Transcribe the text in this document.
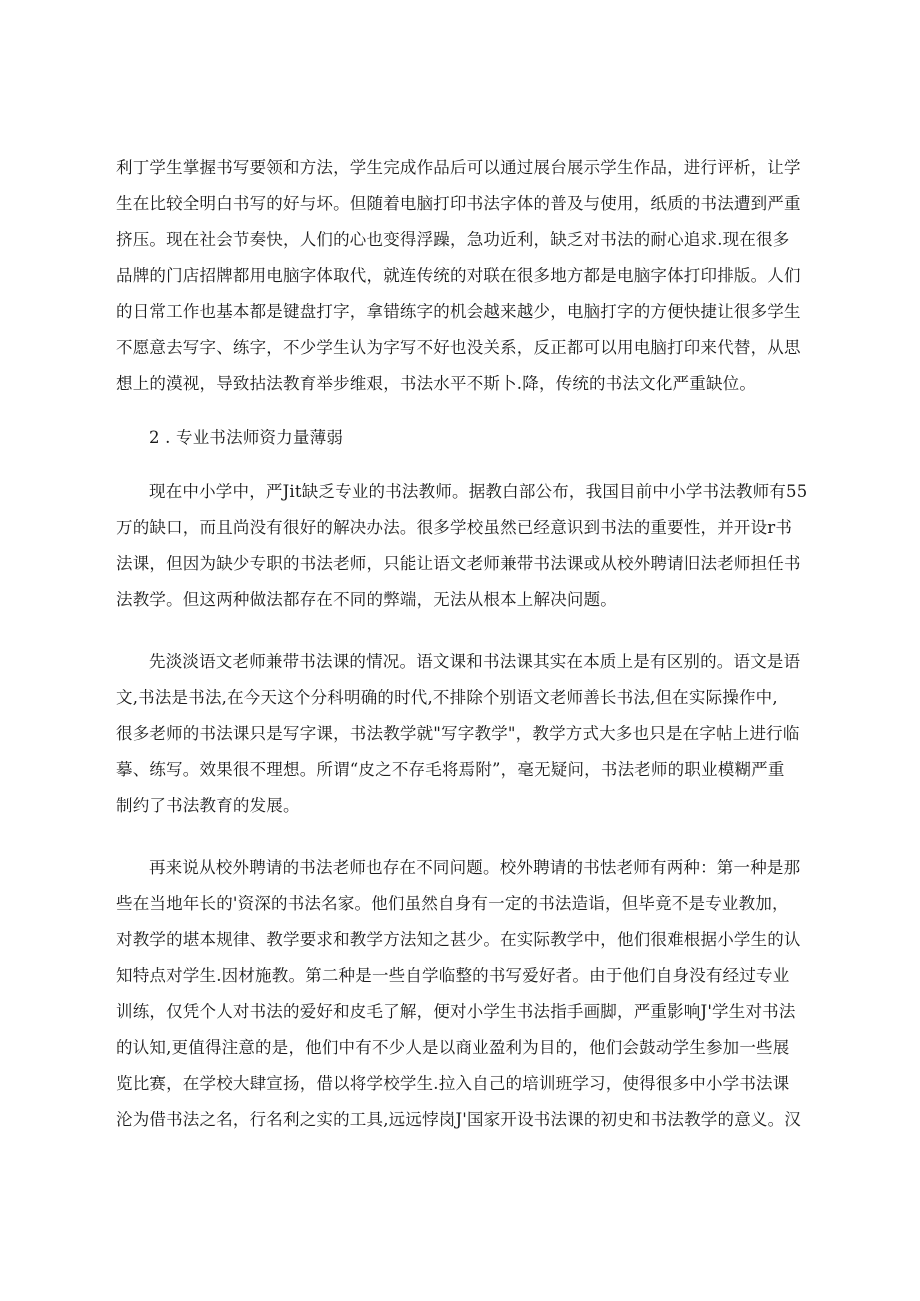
利丁学生掌握书写要领和方法，学生完成作品后可以通过展台展示学生作品，进行评析，让学
生在比较全明白书写的好与坏。但随着电脑打印书法字体的普及与使用，纸质的书法遭到严重
挤压。现在社会节奏快，人们的心也变得浮躁，急功近利，缺乏对书法的耐心追求.现在很多
品牌的门店招牌都用电脑字体取代，就连传统的对联在很多地方都是电脑字体打印排版。人们
的日常工作也基本都是键盘打字，拿错练字的机会越来越少，电脑打字的方便快捷让很多学生
不愿意去写字、练字，不少学生认为字写不好也没关系，反正都可以用电脑打印来代替，从思
想上的漠视，导致拈法教育举步维艰，书法水平不斯卜.降，传统的书法文化严重缺位。
2 . 专业书法师资力量薄弱
现在中小学中，严Jit缺乏专业的书法教师。据教白部公布，我国目前中小学书法教师有55
万的缺口，而且尚没有很好的解决办法。很多学校虽然已经意识到书法的重要性，并开设r书
法课，但因为缺少专职的书法老师，只能让语文老师兼带书法课或从校外聘请旧法老师担任书
法教学。但这两种做法都存在不同的弊端，无法从根本上解决问题。
先淡淡语文老师兼带书法课的情况。语文课和书法课其实在本质上是有区别的。语文是语
文,书法是书法,在今天这个分科明确的时代,不排除个别语文老师善长书法,但在实际操作中,
很多老师的书法课只是写字课，书法教学就"写字教学"，教学方式大多也只是在字帖上进行临
摹、练写。效果很不理想。所谓“皮之不存毛将焉附”，毫无疑问，书法老师的职业模糊严重
制约了书法教育的发展。
再来说从校外聘请的书法老师也存在不同问题。校外聘请的书怯老师有两种：第一种是那
些在当地年长的'资深的书法名家。他们虽然自身有一定的书法造诣，但毕竟不是专业教加，
对教学的堪本规律、教学要求和教学方法知之甚少。在实际教学中，他们很难根据小学生的认
知特点对学生.因材施教。第二种是一些自学临整的书写爱好者。由于他们自身没有经过专业
训练，仅凭个人对书法的爱好和皮毛了解，便对小学生书法指手画脚，严重影响J'学生对书法
的认知,更值得注意的是，他们中有不少人是以商业盈利为目的，他们会鼓动学生参加一些展
览比赛，在学校大肆宣扬，借以将学校学生.拉入自己的培训班学习，使得很多中小学书法课
沦为借书法之名，行名利之实的工具,远远悖岗J'国家开设书法课的初史和书法教学的意义。汉
